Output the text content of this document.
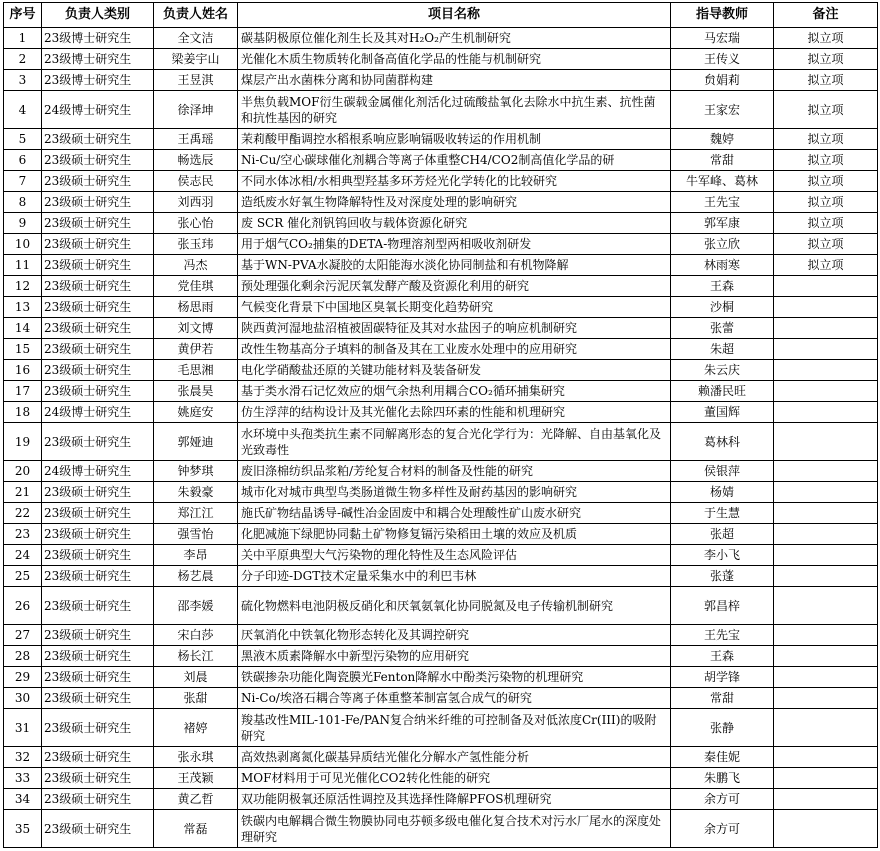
序号	负责人类别	负责人姓名	项目名称	指导教师	备注
1	23级博士研究生	全文洁	碳基阴极原位催化剂生长及其对H₂O₂产生机制研究	马宏瑞	拟立项
2	23级博士研究生	梁姜宇山	光催化木质生物质转化制备高值化学品的性能与机制研究	王传义	拟立项
3	23级博士研究生	王昱淇	煤层产出水菌株分离和协同菌群构建	贠娟莉	拟立项
4	24级博士研究生	徐泽坤	半焦负载MOF衍生碳载金属催化剂活化过硫酸盐氧化去除水中抗生素、抗性菌和抗性基因的研究	王家宏	拟立项
5	23级硕士研究生	王禹瑶	茉莉酸甲酯调控水稻根系响应影响镉吸收转运的作用机制	魏婷	拟立项
6	23级硕士研究生	畅选辰	Ni-Cu/空心碳球催化剂耦合等离子体重整CH4/CO2制高值化学品的研	常甜	拟立项
7	23级硕士研究生	侯志民	不同水体冰相/水相典型羟基多环芳烃光化学转化的比较研究	牛军峰、葛林	拟立项
8	23级硕士研究生	刘西羽	造纸废水好氧生物降解特性及对深度处理的影响研究	王先宝	拟立项
9	23级硕士研究生	张心怡	废 SCR 催化剂钒钨回收与载体资源化研究	郭军康	拟立项
10	23级硕士研究生	张玉玮	用于烟气CO₂捕集的DETA-物理溶剂型两相吸收剂研发	张立欣	拟立项
11	23级硕士研究生	冯杰	基于WN-PVA水凝胶的太阳能海水淡化协同制盐和有机物降解	林雨寒	拟立项
12	23级硕士研究生	党佳琪	预处理强化剩余污泥厌氧发酵产酸及资源化利用的研究	王森	
13	23级硕士研究生	杨思雨	气候变化背景下中国地区臭氧长期变化趋势研究	沙桐	
14	23级硕士研究生	刘文博	陕西黄河湿地盐沼植被固碳特征及其对水盐因子的响应机制研究	张蕾	
15	23级硕士研究生	黄伊若	改性生物基高分子填料的制备及其在工业废水处理中的应用研究	朱超	
16	23级硕士研究生	毛思湘	电化学硝酸盐还原的关键功能材料及装备研发	朱云庆	
17	23级硕士研究生	张晨昊	基于类水滑石记忆效应的烟气余热利用耦合CO₂循环捕集研究	赖潘民旺	
18	24级博士研究生	姚庭安	仿生浮萍的结构设计及其光催化去除四环素的性能和机理研究	董国辉	
19	23级硕士研究生	郭娅迪	水环境中头孢类抗生素不同解离形态的复合光化学行为：光降解、自由基氧化及光致毒性	葛林科	
20	24级博士研究生	钟梦琪	废旧涤棉纺织品浆粕/芳纶复合材料的制备及性能的研究	侯银萍	
21	23级硕士研究生	朱毅豪	城市化对城市典型鸟类肠道微生物多样性及耐药基因的影响研究	杨婧	
22	23级硕士研究生	郑江江	施氏矿物结晶诱导-碱性冶金固废中和耦合处理酸性矿山废水研究	于生慧	
23	23级硕士研究生	强雪怡	化肥减施下绿肥协同黏土矿物修复镉污染稻田土壤的效应及机质	张超	
24	23级硕士研究生	李昂	关中平原典型大气污染物的理化特性及生态风险评估	李小飞	
25	23级硕士研究生	杨艺晨	分子印迹-DGT技术定量采集水中的利巴韦林	张蓬	
26	23级硕士研究生	邵李媛	硫化物燃料电池阴极反硝化和厌氧氨氧化协同脱氮及电子传输机制研究	郭昌梓	
27	23级硕士研究生	宋白莎	厌氧消化中铁氧化物形态转化及其调控研究	王先宝	
28	23级硕士研究生	杨长江	黑液木质素降解水中新型污染物的应用研究	王森	
29	23级硕士研究生	刘晨	铁碳掺杂功能化陶瓷膜光Fenton降解水中酚类污染物的机理研究	胡学锋	
30	23级硕士研究生	张甜	Ni-Co/埃洛石耦合等离子体重整苯制富氢合成气的研究	常甜	
31	23级硕士研究生	褚婷	羧基改性MIL-101-Fe/PAN复合纳米纤维的可控制备及对低浓度Cr(III)的吸附研究	张静	
32	23级硕士研究生	张永琪	高效热剥离氮化碳基异质结光催化分解水产氢性能分析	秦佳妮	
33	23级硕士研究生	王茂颖	MOF材料用于可见光催化CO2转化性能的研究	朱鹏飞	
34	23级硕士研究生	黄乙哲	双功能阴极氧还原活性调控及其选择性降解PFOS机理研究	余方可	
35	23级硕士研究生	常磊	铁碳内电解耦合微生物膜协同电芬顿多级电催化复合技术对污水厂尾水的深度处理研究	余方可	
